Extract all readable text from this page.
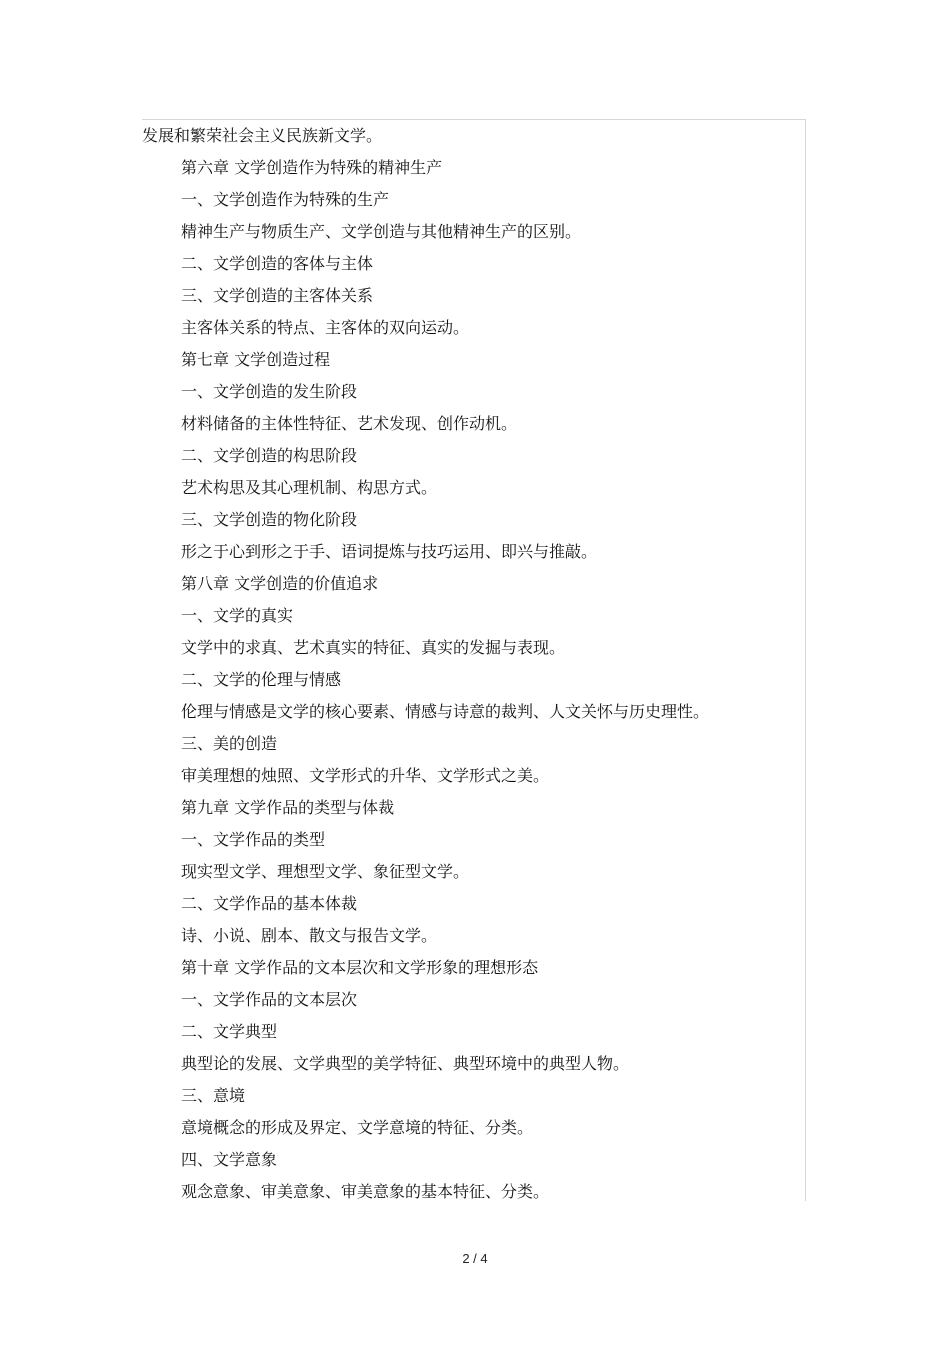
发展和繁荣社会主义民族新文学。
第六章 文学创造作为特殊的精神生产
一、文学创造作为特殊的生产
精神生产与物质生产、文学创造与其他精神生产的区别。
二、文学创造的客体与主体
三、文学创造的主客体关系
主客体关系的特点、主客体的双向运动。
第七章 文学创造过程
一、文学创造的发生阶段
材料储备的主体性特征、艺术发现、创作动机。
二、文学创造的构思阶段
艺术构思及其心理机制、构思方式。
三、文学创造的物化阶段
形之于心到形之于手、语词提炼与技巧运用、即兴与推敲。
第八章 文学创造的价值追求
一、文学的真实
文学中的求真、艺术真实的特征、真实的发掘与表现。
二、文学的伦理与情感
伦理与情感是文学的核心要素、情感与诗意的裁判、人文关怀与历史理性。
三、美的创造
审美理想的烛照、文学形式的升华、文学形式之美。
第九章 文学作品的类型与体裁
一、文学作品的类型
现实型文学、理想型文学、象征型文学。
二、文学作品的基本体裁
诗、小说、剧本、散文与报告文学。
第十章 文学作品的文本层次和文学形象的理想形态
一、文学作品的文本层次
二、文学典型
典型论的发展、文学典型的美学特征、典型环境中的典型人物。
三、意境
意境概念的形成及界定、文学意境的特征、分类。
四、文学意象
观念意象、审美意象、审美意象的基本特征、分类。
2 / 4
